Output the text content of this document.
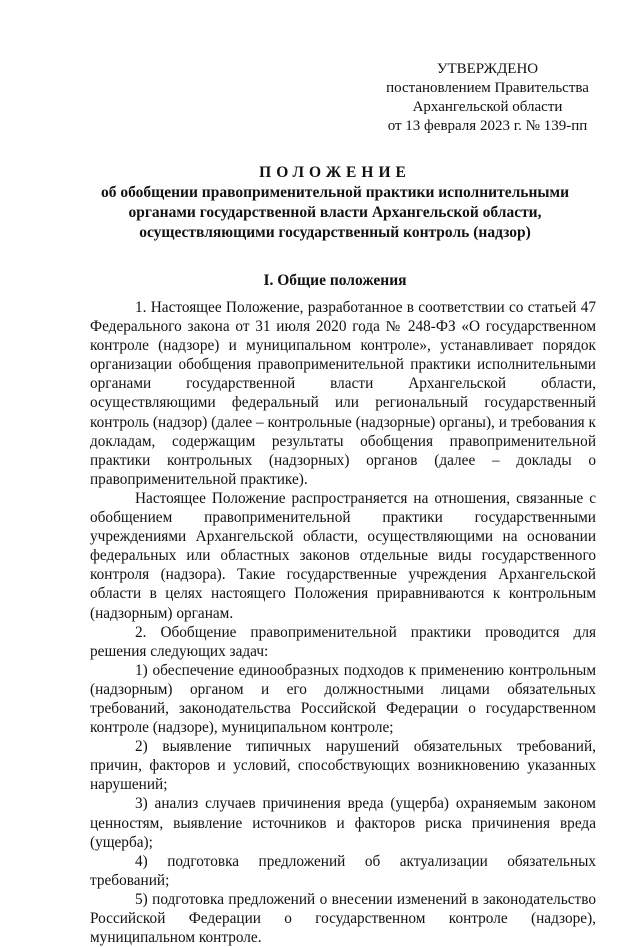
УТВЕРЖДЕНО
постановлением Правительства
Архангельской области
от 13 февраля 2023 г. № 139-пп
ПОЛОЖЕНИЕ
об обобщении правоприменительной практики исполнительными
органами государственной власти Архангельской области,
осуществляющими государственный контроль (надзор)
I. Общие положения

1. Настоящее Положение, разработанное в соответствии со статьей 47 Федерального закона от 31 июля 2020 года № 248-ФЗ «О государственном контроле (надзоре) и муниципальном контроле», устанавливает порядок организации обобщения правоприменительной практики исполнительными органами государственной власти Архангельской области, осуществляющими федеральный или региональный государственный контроль (надзор) (далее – контрольные (надзорные) органы), и требования к докладам, содержащим результаты обобщения правоприменительной практики контрольных (надзорных) органов (далее – доклады о правоприменительной практике).

Настоящее Положение распространяется на отношения, связанные с обобщением правоприменительной практики государственными учреждениями Архангельской области, осуществляющими на основании федеральных или областных законов отдельные виды государственного контроля (надзора). Такие государственные учреждения Архангельской области в целях настоящего Положения приравниваются к контрольным (надзорным) органам.

2. Обобщение правоприменительной практики проводится для решения следующих задач:

1) обеспечение единообразных подходов к применению контрольным (надзорным) органом и его должностными лицами обязательных требований, законодательства Российской Федерации о государственном контроле (надзоре), муниципальном контроле;

2) выявление типичных нарушений обязательных требований, причин, факторов и условий, способствующих возникновению указанных нарушений;

3) анализ случаев причинения вреда (ущерба) охраняемым законом ценностям, выявление источников и факторов риска причинения вреда (ущерба);

4) подготовка предложений об актуализации обязательных требований;

5) подготовка предложений о внесении изменений в законодательство Российской Федерации о государственном контроле (надзоре), муниципальном контроле.
